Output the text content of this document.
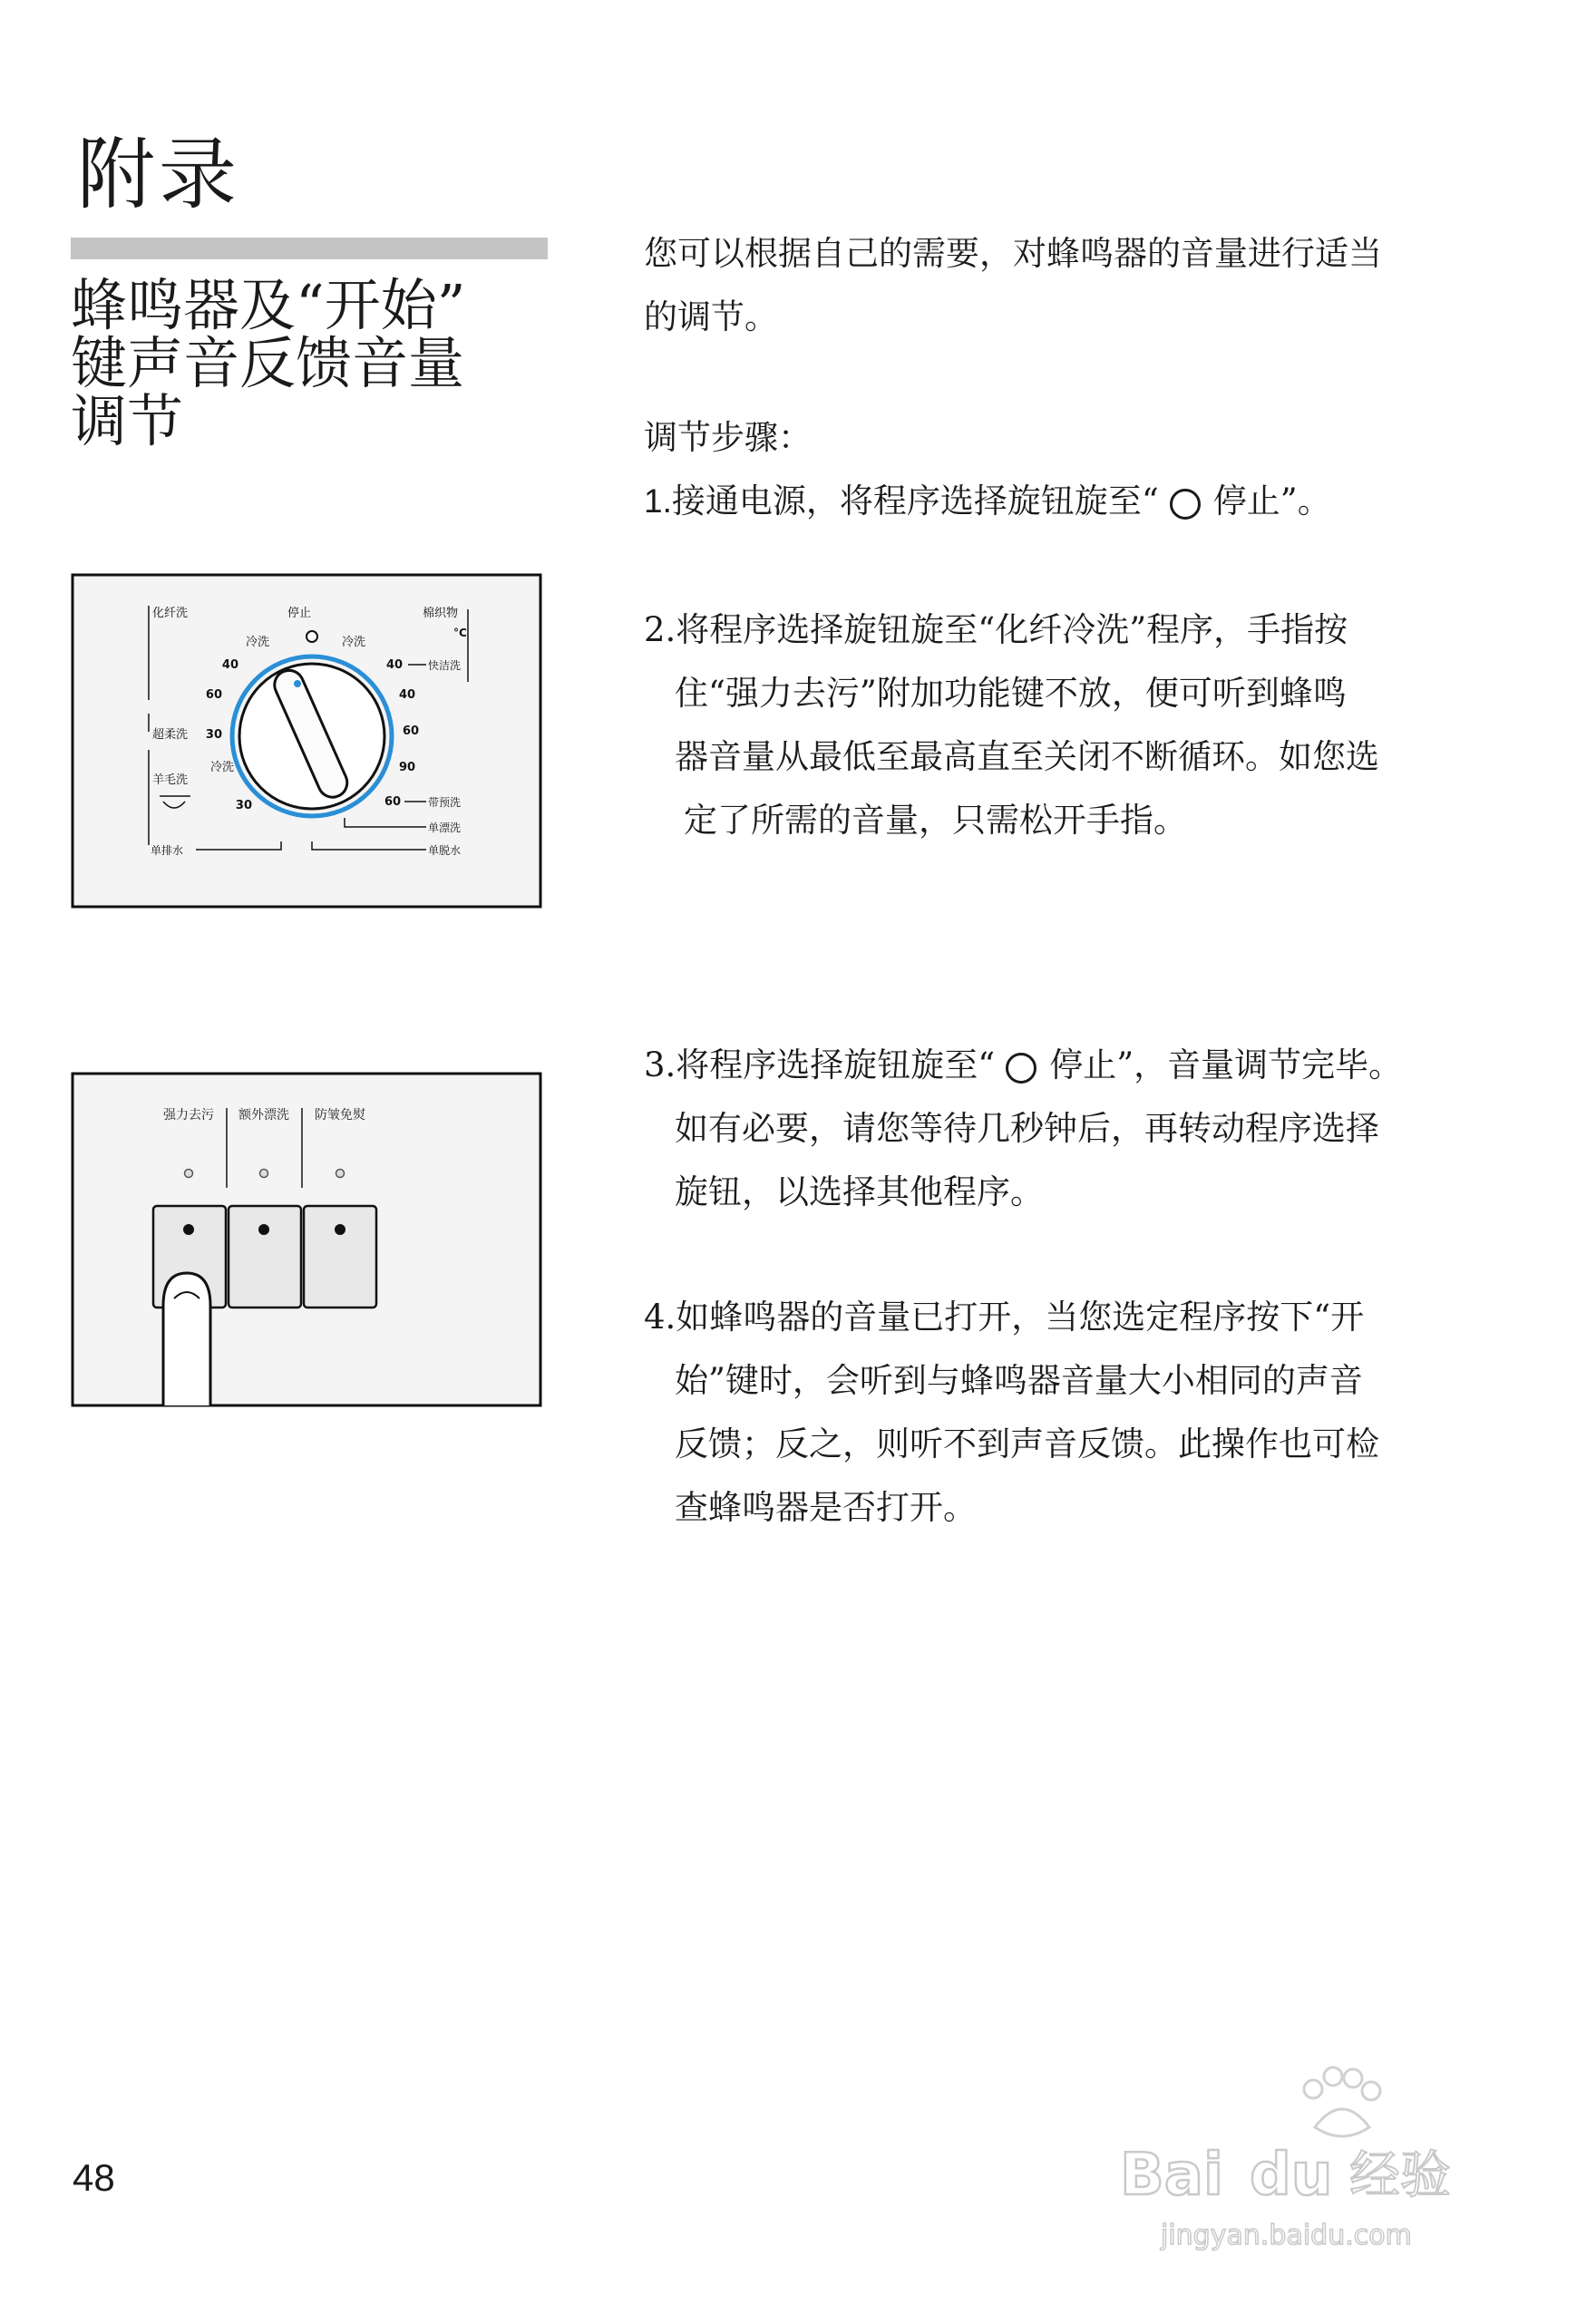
附录
蜂鸣器及“开始”
键声音反馈音量
调节

您可以根据自己的需要，对蜂鸣器的音量进行适当

的调节。

调节步骤：

1.接通电源，将程序选择旋钮旋至“ 停止”。

2.将程序选择旋钮旋至“化纤冷洗”程序，手指按

住“强力去污”附加功能键不放，便可听到蜂鸣

器音量从最低至最高直至关闭不断循环。如您选

定了所需的音量，只需松开手指。

3.将程序选择旋钮旋至“ 停止”，音量调节完毕。

如有必要，请您等待几秒钟后，再转动程序选择

旋钮，以选择其他程序。

4.如蜂鸣器的音量已打开，当您选定程序按下“开

始”键时，会听到与蜂鸣器音量大小相同的声音

反馈；反之，则听不到声音反馈。此操作也可检

查蜂鸣器是否打开。

化纤洗	棉织物
°C
停止
冷洗	冷洗
40
60
30
超柔洗
羊毛洗
冷洗
30
40
40
60
90
60
快洁洗
带预洗
单漂洗
单脱水
单排水
强力去污 额外漂洗 防皱免熨
48	Bai du 经验
jingyan.baidu.com
